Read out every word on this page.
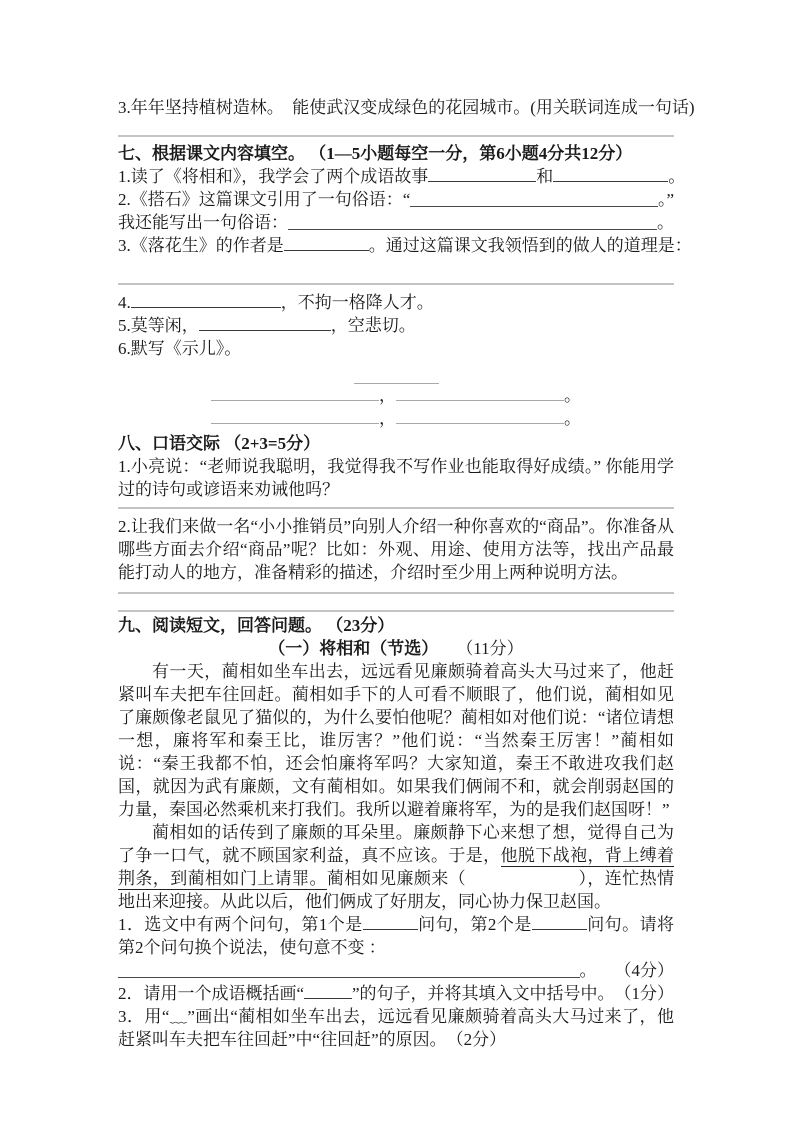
3.年年坚持植树造林。　能使武汉变成绿色的花园城市。(用关联词连成一句话)
七、根据课文内容填空。 （1—5小题每空一分，第6小题4分共12分）
1.读了《将相和》，我学会了两个成语故事	和	。
2.《搭石》这篇课文引用了一句俗语：“	。”
我还能写出一句俗语：	。
3.《落花生》的作者是	。通过这篇课文我领悟到的做人的道理是：
4.	，不拘一格降人才。
5.莫等闲，	，空悲切。
6.默写《示儿》。
，	。
，	。
八、口语交际 （2+3=5分）
1.小亮说：“老师说我聪明，我觉得我不写作业也能取得好成绩。” 你能用学过的诗句或谚语来劝诫他吗？
2.让我们来做一名“小小推销员”向别人介绍一种你喜欢的“商品”。你准备从哪些方面去介绍“商品”呢？比如：外观、用途、使用方法等，找出产品最能打动人的地方，准备精彩的描述，介绍时至少用上两种说明方法。
九、阅读短文，回答问题。 （23分）
（一）将相和（节选） （11分）
有一天，蔺相如坐车出去，远远看见廉颇骑着高头大马过来了，他赶紧叫车夫把车往回赶。蔺相如手下的人可看不顺眼了，他们说，蔺相如见了廉颇像老鼠见了猫似的，为什么要怕他呢？蔺相如对他们说：“诸位请想一想，廉将军和秦王比，谁厉害？”他们说：“当然秦王厉害！”蔺相如说：“秦王我都不怕，还会怕廉将军吗？大家知道，秦王不敢进攻我们赵国，就因为武有廉颇，文有蔺相如。如果我们俩闹不和，就会削弱赵国的力量，秦国必然乘机来打我们。我所以避着廉将军，为的是我们赵国呀！”
蔺相如的话传到了廉颇的耳朵里。廉颇静下心来想了想，觉得自己为了争一口气，就不顾国家利益，真不应该。于是，他脱下战袍，背上缚着荆条，到蔺相如门上请罪。蔺相如见廉颇来（	），连忙热情地出来迎接。从此以后，他们俩成了好朋友，同心协力保卫赵国。
1．选文中有两个问句，第1个是	问句，第2个是	问句。请将第2个问句换个说法，使句意不变 ：
。 （4分）
2．请用一个成语概括画“	”的句子，并将其填入文中括号中。 （1分）
3．用“﹏”画出“蔺相如坐车出去，远远看见廉颇骑着高头大马过来了，他赶紧叫车夫把车往回赶”中“往回赶”的原因。　（2分）
